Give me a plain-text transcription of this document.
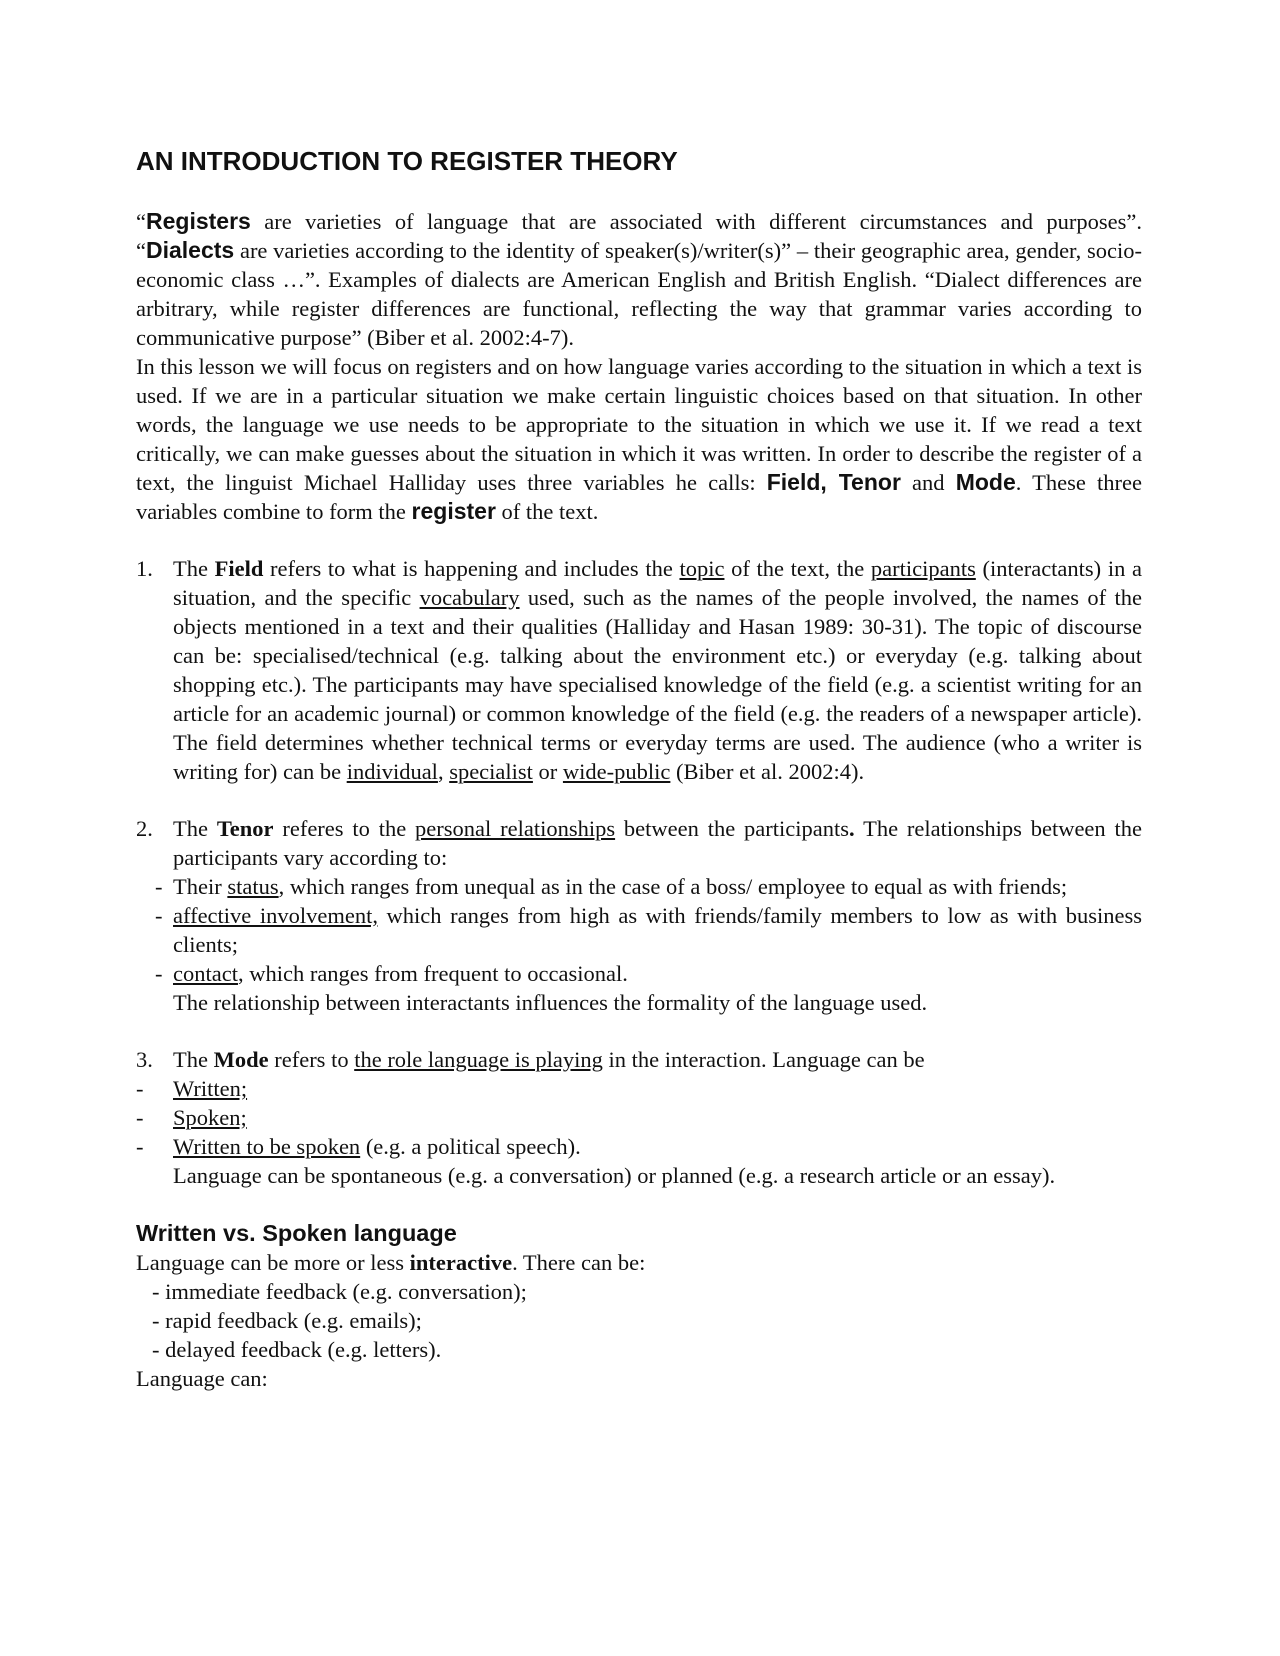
AN INTRODUCTION TO REGISTER THEORY

“Registers are varieties of language that are associated with different circumstances and purposes”. “Dialects are varieties according to the identity of speaker(s)/writer(s)” – their geographic area, gender, socio-economic class …”. Examples of dialects are American English and British English. “Dialect differences are arbitrary, while register differences are functional, reflecting the way that grammar varies according to communicative purpose” (Biber et al. 2002:4-7).

In this lesson we will focus on registers and on how language varies according to the situation in which a text is used. If we are in a particular situation we make certain linguistic choices based on that situation. In other words, the language we use needs to be appropriate to the situation in which we use it. If we read a text critically, we can make guesses about the situation in which it was written. In order to describe the register of a text, the linguist Michael Halliday uses three variables he calls: Field, Tenor and Mode. These three variables combine to form the register of the text.

1. The Field refers to what is happening and includes the topic of the text, the participants (interactants) in a situation, and the specific vocabulary used, such as the names of the people involved, the names of the objects mentioned in a text and their qualities (Halliday and Hasan 1989: 30-31). The topic of discourse can be: specialised/technical (e.g. talking about the environment etc.) or everyday (e.g. talking about shopping etc.). The participants may have specialised knowledge of the field (e.g. a scientist writing for an article for an academic journal) or common knowledge of the field (e.g. the readers of a newspaper article). The field determines whether technical terms or everyday terms are used. The audience (who a writer is writing for) can be individual, specialist or wide-public (Biber et al. 2002:4).
2. The Tenor referes to the personal relationships between the participants. The relationships between the participants vary according to:
- Their status, which ranges from unequal as in the case of a boss/ employee to equal as with friends;
- affective involvement, which ranges from high as with friends/family members to low as with business clients;
- contact, which ranges from frequent to occasional.

The relationship between interactants influences the formality of the language used.

3. The Mode refers to the role language is playing in the interaction. Language can be
-	Written;
-	Spoken;
-	Written to be spoken (e.g. a political speech).

Language can be spontaneous (e.g. a conversation) or planned (e.g. a research article or an essay).

Written vs. Spoken language

Language can be more or less interactive. There can be:

- immediate feedback (e.g. conversation);
- rapid feedback (e.g. emails);
- delayed feedback (e.g. letters).

Language can:
